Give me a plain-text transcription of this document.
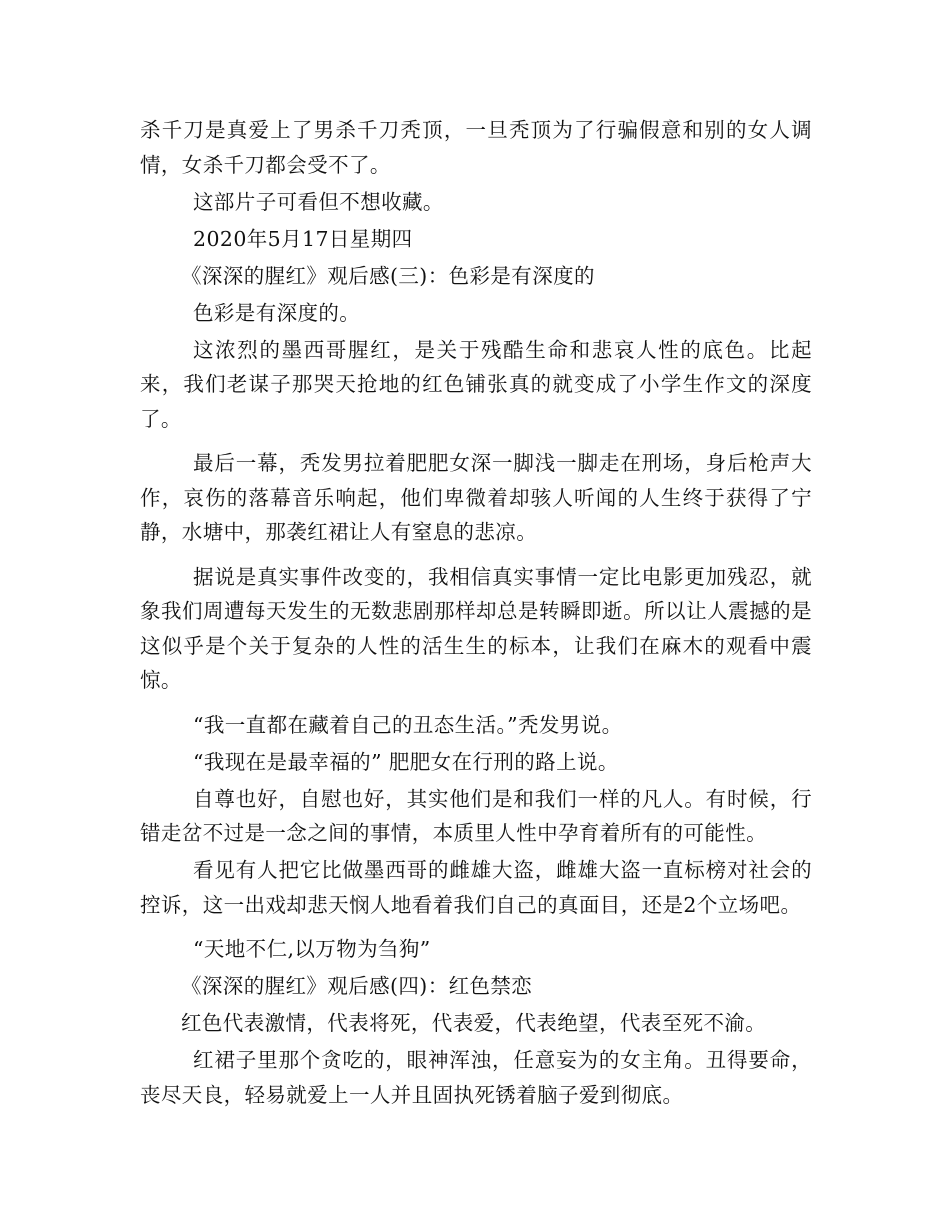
杀千刀是真爱上了男杀千刀秃顶，一旦秃顶为了行骗假意和别的女人调情，女杀千刀都会受不了。

这部片子可看但不想收藏。

2020年5月17日星期四

《深深的腥红》观后感(三)：色彩是有深度的

色彩是有深度的。

这浓烈的墨西哥腥红，是关于残酷生命和悲哀人性的底色。比起来，我们老谋子那哭天抢地的红色铺张真的就变成了小学生作文的深度了。

最后一幕，秃发男拉着肥肥女深一脚浅一脚走在刑场，身后枪声大作，哀伤的落幕音乐响起，他们卑微着却骇人听闻的人生终于获得了宁静，水塘中，那袭红裙让人有窒息的悲凉。

据说是真实事件改变的，我相信真实事情一定比电影更加残忍，就象我们周遭每天发生的无数悲剧那样却总是转瞬即逝。所以让人震撼的是这似乎是个关于复杂的人性的活生生的标本，让我们在麻木的观看中震惊。

“我一直都在藏着自己的丑态生活。”秃发男说。

“我现在是最幸福的” 肥肥女在行刑的路上说。

自尊也好，自慰也好，其实他们是和我们一样的凡人。有时候，行错走岔不过是一念之间的事情，本质里人性中孕育着所有的可能性。

看见有人把它比做墨西哥的雌雄大盗，雌雄大盗一直标榜对社会的控诉，这一出戏却悲天悯人地看着我们自己的真面目，还是2个立场吧。

“天地不仁,以万物为刍狗”

《深深的腥红》观后感(四)：红色禁恋

红色代表激情，代表将死，代表爱，代表绝望，代表至死不渝。

红裙子里那个贪吃的，眼神浑浊，任意妄为的女主角。丑得要命，丧尽天良，轻易就爱上一人并且固执死锈着脑子爱到彻底。
